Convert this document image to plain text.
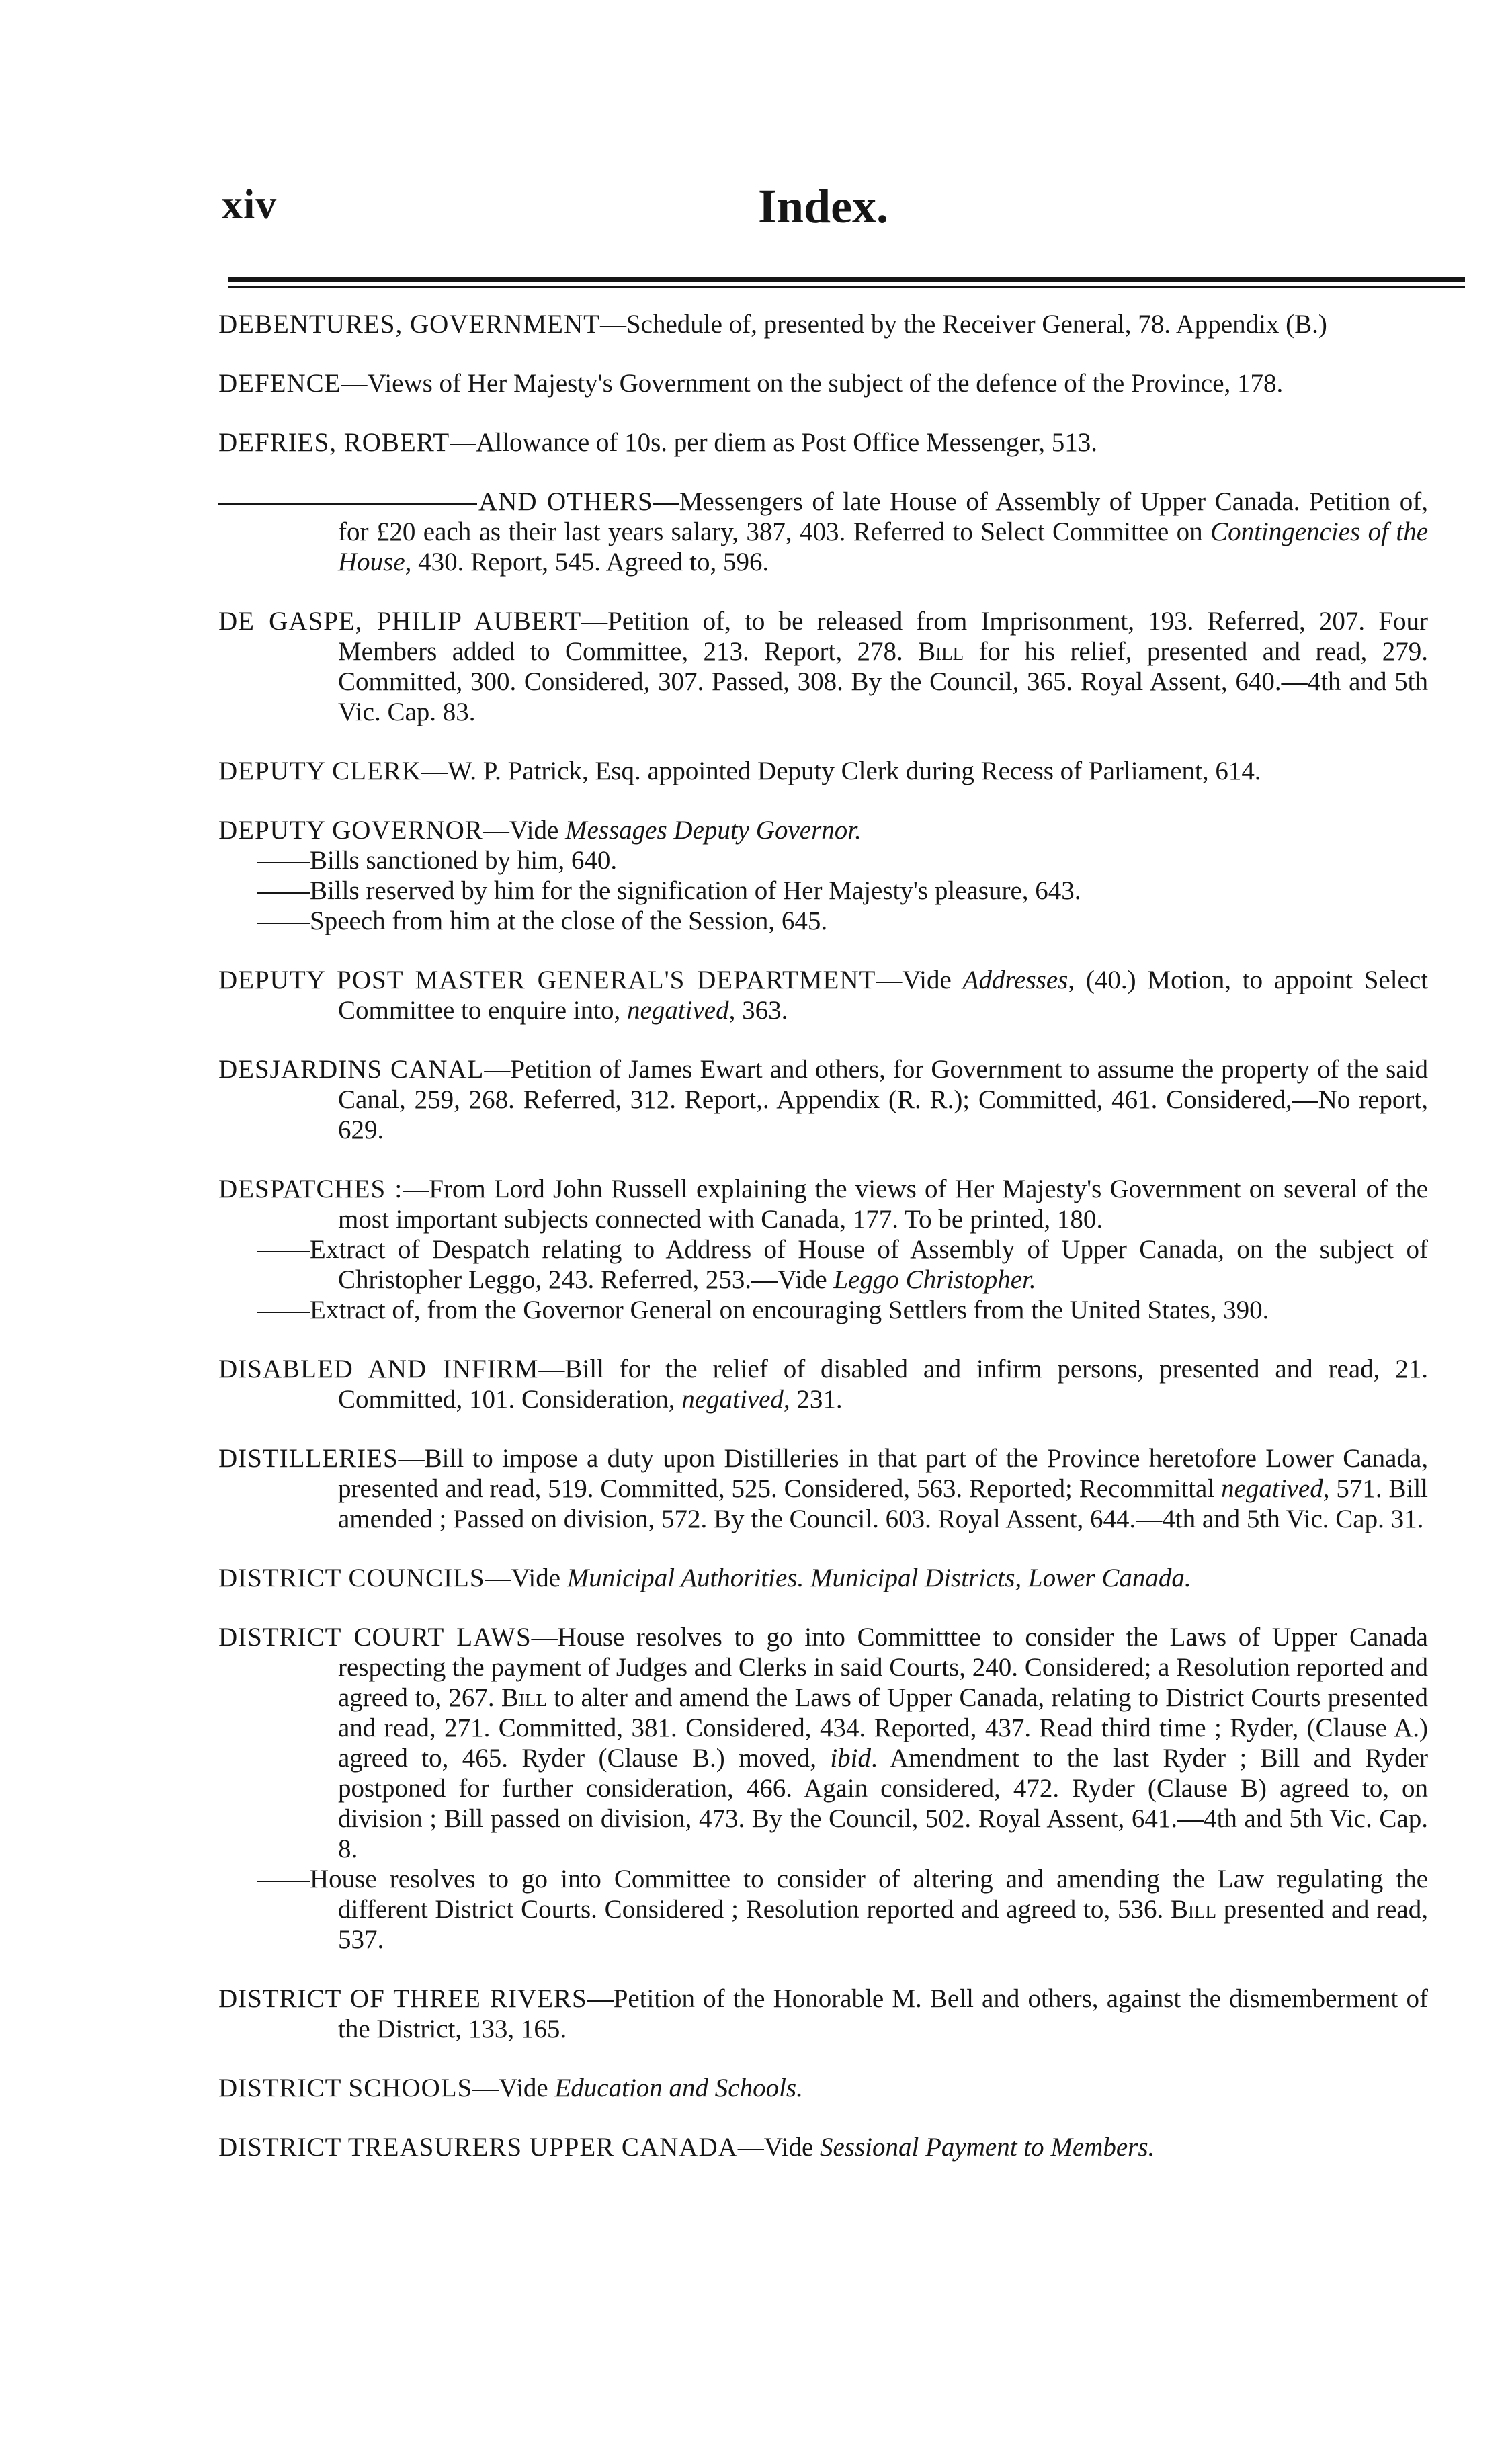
xiv	Index.
DEBENTURES, GOVERNMENT—Schedule of, presented by the Receiver General, 78. Appendix (B.)
DEFENCE—Views of Her Majesty's Government on the subject of the defence of the Province, 178.
DEFRIES, ROBERT—Allowance of 10s. per diem as Post Office Messenger, 513.
AND OTHERS—Messengers of late House of Assembly of Upper Canada. Petition of, for £20 each as their last years salary, 387, 403. Referred to Select Committee on Contingencies of the House, 430. Report, 545. Agreed to, 596.
DE GASPE, PHILIP AUBERT—Petition of, to be released from Imprisonment, 193. Referred, 207. Four Members added to Committee, 213. Report, 278. Bill for his relief, presented and read, 279. Committed, 300. Considered, 307. Passed, 308. By the Council, 365. Royal Assent, 640.—4th and 5th Vic. Cap. 83.
DEPUTY CLERK—W. P. Patrick, Esq. appointed Deputy Clerk during Recess of Parliament, 614.
DEPUTY GOVERNOR—Vide Messages Deputy Governor.
——Bills sanctioned by him, 640.
——Bills reserved by him for the signification of Her Majesty's pleasure, 643.
——Speech from him at the close of the Session, 645.
DEPUTY POST MASTER GENERAL'S DEPARTMENT—Vide Addresses, (40.) Motion, to appoint Select Committee to enquire into, negatived, 363.
DESJARDINS CANAL—Petition of James Ewart and others, for Government to assume the property of the said Canal, 259, 268. Referred, 312. Report,. Appendix (R. R.); Committed, 461. Considered,—No report, 629.
DESPATCHES :—From Lord John Russell explaining the views of Her Majesty's Government on several of the most important subjects connected with Canada, 177. To be printed, 180.
——Extract of Despatch relating to Address of House of Assembly of Upper Canada, on the subject of Christopher Leggo, 243. Referred, 253.—Vide Leggo Christopher.
——Extract of, from the Governor General on encouraging Settlers from the United States, 390.
DISABLED AND INFIRM—Bill for the relief of disabled and infirm persons, presented and read, 21. Committed, 101. Consideration, negatived, 231.
DISTILLERIES—Bill to impose a duty upon Distilleries in that part of the Province heretofore Lower Canada, presented and read, 519. Committed, 525. Considered, 563. Reported; Recommittal negatived, 571. Bill amended ; Passed on division, 572. By the Council. 603. Royal Assent, 644.—4th and 5th Vic. Cap. 31.
DISTRICT COUNCILS—Vide Municipal Authorities. Municipal Districts, Lower Canada.
DISTRICT COURT LAWS—House resolves to go into Committtee to consider the Laws of Upper Canada respecting the payment of Judges and Clerks in said Courts, 240. Considered; a Resolution reported and agreed to, 267. Bill to alter and amend the Laws of Upper Canada, relating to District Courts presented and read, 271. Committed, 381. Considered, 434. Reported, 437. Read third time ; Ryder, (Clause A.) agreed to, 465. Ryder (Clause B.) moved, ibid. Amendment to the last Ryder ; Bill and Ryder postponed for further consideration, 466. Again considered, 472. Ryder (Clause B) agreed to, on division ; Bill passed on division, 473. By the Council, 502. Royal Assent, 641.—4th and 5th Vic. Cap. 8.
——House resolves to go into Committee to consider of altering and amending the Law regulating the different District Courts. Considered ; Resolution reported and agreed to, 536. Bill presented and read, 537.
DISTRICT OF THREE RIVERS—Petition of the Honorable M. Bell and others, against the dismemberment of the District, 133, 165.
DISTRICT SCHOOLS—Vide Education and Schools.
DISTRICT TREASURERS UPPER CANADA—Vide Sessional Payment to Members.
